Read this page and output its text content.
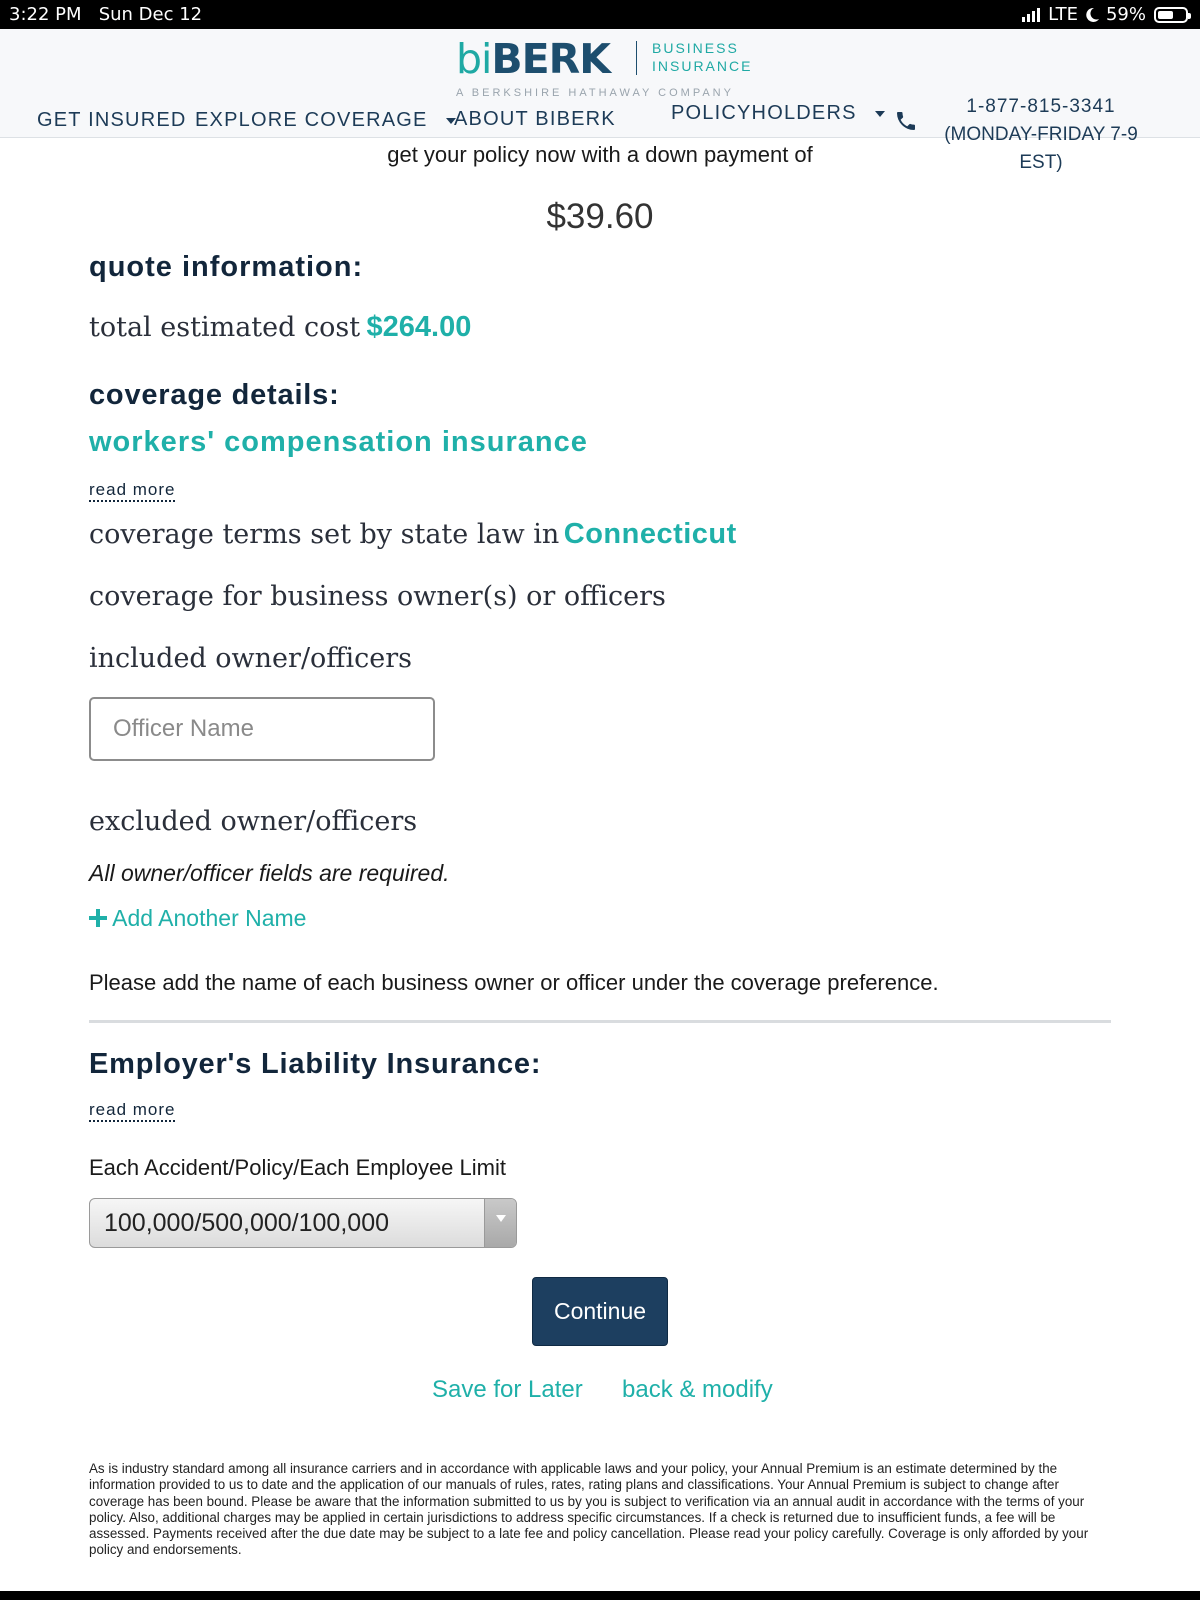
3:22 PM Sun Dec 12	LTE 59%
biBERK	BUSINESS
INSURANCE
A BERKSHIRE HATHAWAY COMPANY
GET INSURED EXPLORE COVERAGE	ABOUT BIBERK	POLICYHOLDERS	1-877-815-3341
(MONDAY-FRIDAY 7-9 EST)
get your policy now with a down payment of
$39.60
quote information:
total estimated cost $264.00
coverage details:
workers' compensation insurance
read more
coverage terms set by state law in Connecticut
coverage for business owner(s) or officers
included owner/officers
Officer Name
excluded owner/officers
All owner/officer fields are required.
Add Another Name
Please add the name of each business owner or officer under the coverage preference.
Employer's Liability Insurance:
read more
Each Accident/Policy/Each Employee Limit
100,000/500,000/100,000
Continue
Save for Later back & modify
As is industry standard among all insurance carriers and in accordance with applicable laws and your policy, your Annual Premium is an estimate determined by the information provided to us to date and the application of our manuals of rules, rates, rating plans and classifications. Your Annual Premium is subject to change after coverage has been bound. Please be aware that the information submitted to us by you is subject to verification via an annual audit in accordance with the terms of your policy. Also, additional charges may be applied in certain jurisdictions to address specific circumstances. If a check is returned due to insufficient funds, a fee will be assessed. Payments received after the due date may be subject to a late fee and policy cancellation. Please read your policy carefully. Coverage is only afforded by your policy and endorsements.
